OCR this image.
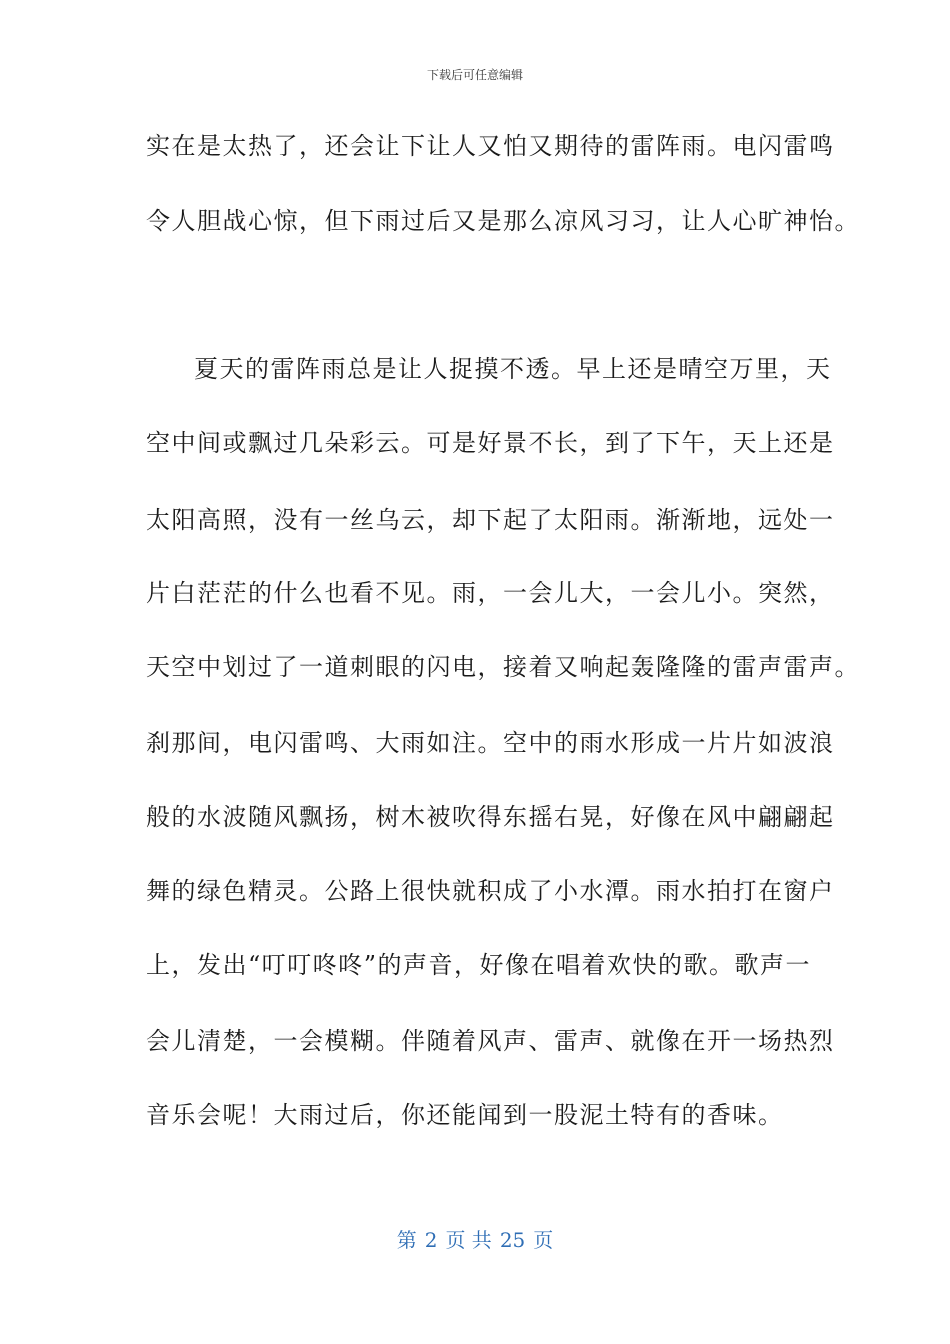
下载后可任意编辑
实在是太热了，还会让下让人又怕又期待的雷阵雨。电闪雷鸣
令人胆战心惊，但下雨过后又是那么凉风习习，让人心旷神怡。
夏天的雷阵雨总是让人捉摸不透。早上还是晴空万里，天
空中间或飘过几朵彩云。可是好景不长，到了下午，天上还是
太阳高照，没有一丝乌云，却下起了太阳雨。渐渐地，远处一
片白茫茫的什么也看不见。雨，一会儿大，一会儿小。突然，
天空中划过了一道刺眼的闪电，接着又响起轰隆隆的雷声雷声。
刹那间，电闪雷鸣、大雨如注。空中的雨水形成一片片如波浪
般的水波随风飘扬，树木被吹得东摇右晃，好像在风中翩翩起
舞的绿色精灵。公路上很快就积成了小水潭。雨水拍打在窗户
上，发出“叮叮咚咚”的声音，好像在唱着欢快的歌。歌声一
会儿清楚，一会模糊。伴随着风声、雷声、就像在开一场热烈
音乐会呢！大雨过后，你还能闻到一股泥土特有的香味。
第 2 页 共 25 页
